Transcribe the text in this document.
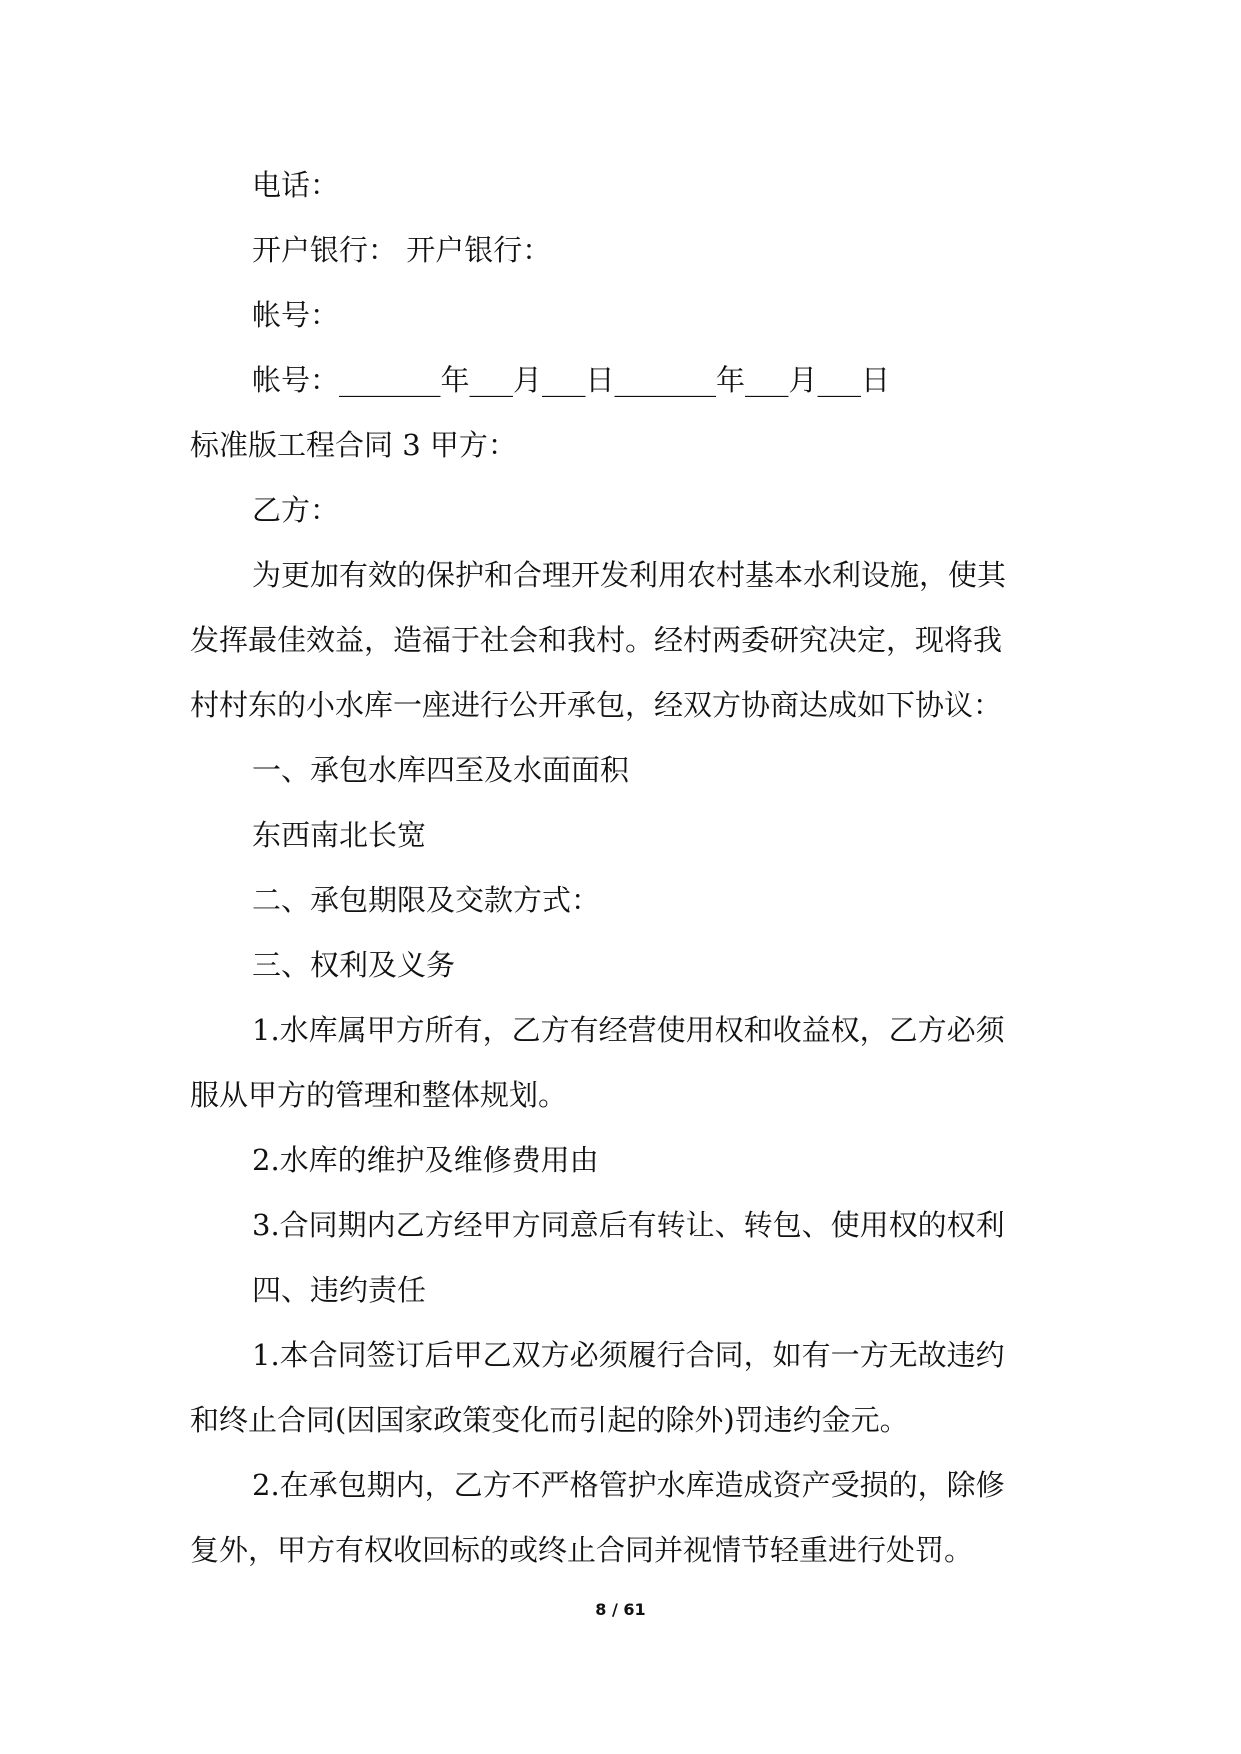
电话：
开户银行： 开户银行：
帐号：
帐号：_______年___月___日_______年___月___日
标准版工程合同 3 甲方：
乙方：
为更加有效的保护和合理开发利用农村基本水利设施，使其
发挥最佳效益，造福于社会和我村。经村两委研究决定，现将我
村村东的小水库一座进行公开承包，经双方协商达成如下协议：
一、承包水库四至及水面面积
东西南北长宽
二、承包期限及交款方式：
三、权利及义务
1.水库属甲方所有，乙方有经营使用权和收益权，乙方必须
服从甲方的管理和整体规划。
2.水库的维护及维修费用由
3.合同期内乙方经甲方同意后有转让、转包、使用权的权利
四、违约责任
1.本合同签订后甲乙双方必须履行合同，如有一方无故违约
和终止合同(因国家政策变化而引起的除外)罚违约金元。
2.在承包期内，乙方不严格管护水库造成资产受损的，除修
复外，甲方有权收回标的或终止合同并视情节轻重进行处罚。
8 / 61
